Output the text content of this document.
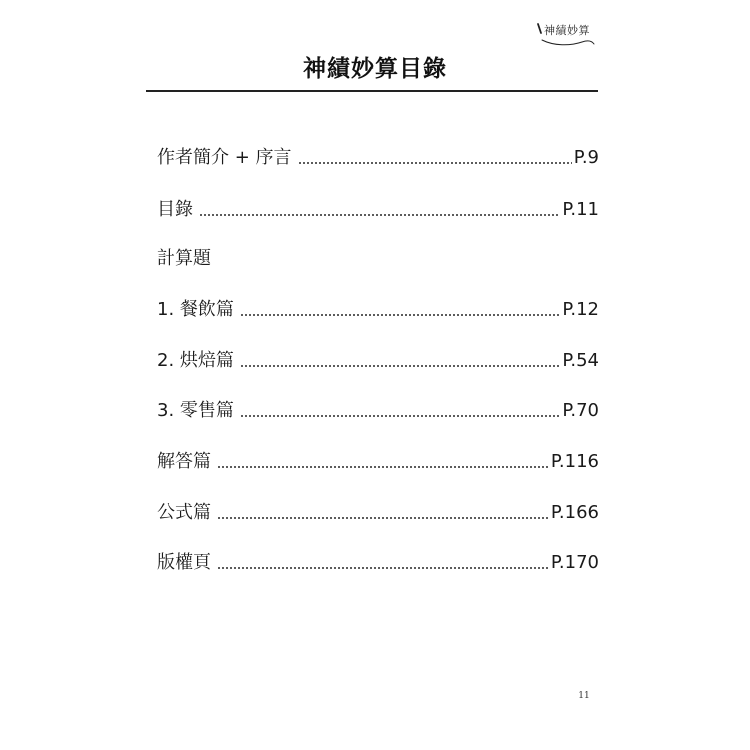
神績妙算
神績妙算目錄
作者簡介 + 序言	P.9
目錄	P.11
計算題
1. 餐飲篇	P.12
2. 烘焙篇	P.54
3. 零售篇	P.70
解答篇	P.116
公式篇	P.166
版權頁	P.170
11
